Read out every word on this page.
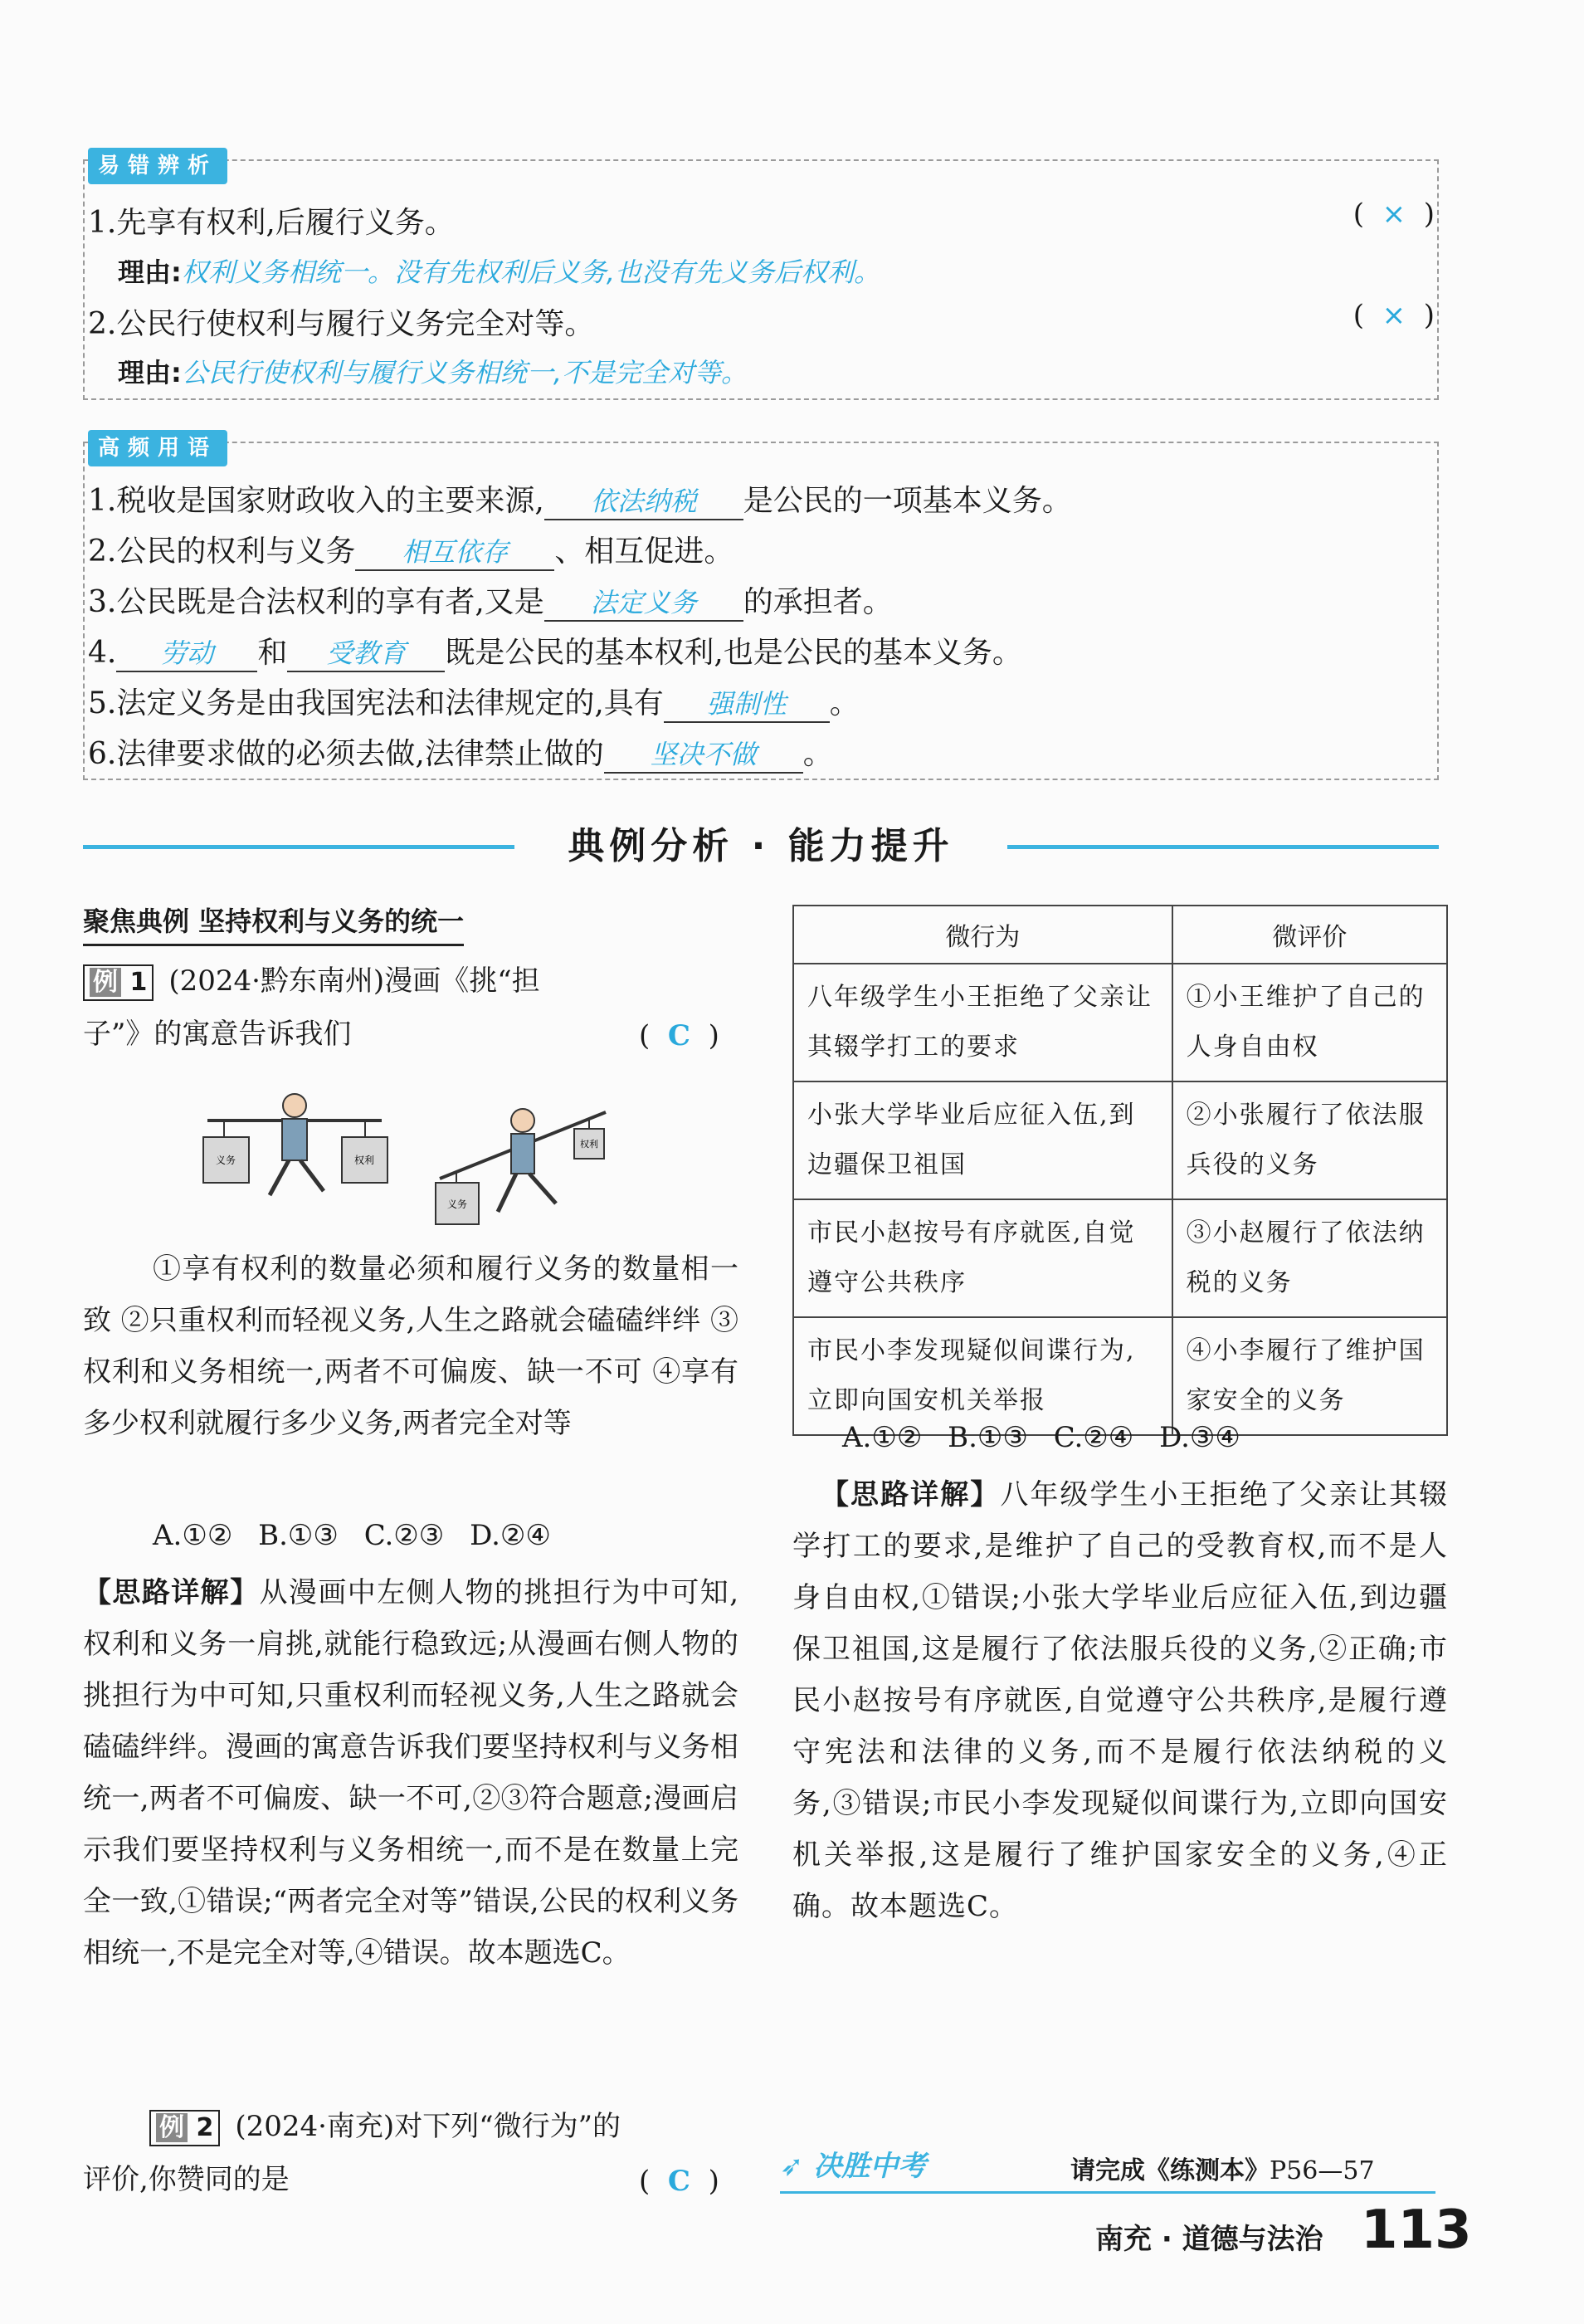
易错辨析
1.先享有权利,后履行义务。	(  ×  )
理由:权利义务相统一。没有先权利后义务,也没有先义务后权利。
2.公民行使权利与履行义务完全对等。	(  ×  )
理由:公民行使权利与履行义务相统一,不是完全对等。
高频用语
1.税收是国家财政收入的主要来源, 依法纳税 是公民的一项基本义务。
2.公民的权利与义务 相互依存 、相互促进。
3.公民既是合法权利的享有者,又是 法定义务 的承担者。
4. 劳动 和 受教育 既是公民的基本权利,也是公民的基本义务。
5.法定义务是由我国宪法和法律规定的,具有 强制性 。
6.法律要求做的必须去做,法律禁止做的 坚决不做 。
典例分析 · 能力提升
聚焦典例 坚持权利与义务的统一
例 1 (2024·黔东南州)漫画《挑“担
子”》的寓意告诉我们	(  C  )
义务	权利
义务
权利
①享有权利的数量必须和履行义务的数量相一致 ②只重权利而轻视义务,人生之路就会磕磕绊绊 ③权利和义务相统一,两者不可偏废、缺一不可 ④享有多少权利就履行多少义务,两者完全对等
A.①② B.①③ C.②③ D.②④
【思路详解】从漫画中左侧人物的挑担行为中可知,权利和义务一肩挑,就能行稳致远;从漫画右侧人物的挑担行为中可知,只重权利而轻视义务,人生之路就会磕磕绊绊。漫画的寓意告诉我们要坚持权利与义务相统一,两者不可偏废、缺一不可,②③符合题意;漫画启示我们要坚持权利与义务相统一,而不是在数量上完全一致,①错误;“两者完全对等”错误,公民的权利义务相统一,不是完全对等,④错误。故本题选C。
例 2 (2024·南充)对下列“微行为”的
评价,你赞同的是	(  C  )
微行为	微评价
八年级学生小王拒绝了父亲让其辍学打工的要求	①小王维护了自己的人身自由权
小张大学毕业后应征入伍,到边疆保卫祖国	②小张履行了依法服兵役的义务
市民小赵按号有序就医,自觉遵守公共秩序	③小赵履行了依法纳税的义务
市民小李发现疑似间谍行为,立即向国安机关举报	④小李履行了维护国家安全的义务
A.①② B.①③ C.②④ D.③④
【思路详解】八年级学生小王拒绝了父亲让其辍学打工的要求,是维护了自己的受教育权,而不是人身自由权,①错误;小张大学毕业后应征入伍,到边疆保卫祖国,这是履行了依法服兵役的义务,②正确;市民小赵按号有序就医,自觉遵守公共秩序,是履行遵守宪法和法律的义务,而不是履行依法纳税的义务,③错误;市民小李发现疑似间谍行为,立即向国安机关举报,这是履行了维护国家安全的义务,④正确。故本题选C。
➶ 决胜中考	请完成《练测本》P56—57
南充 · 道德与法治 113
